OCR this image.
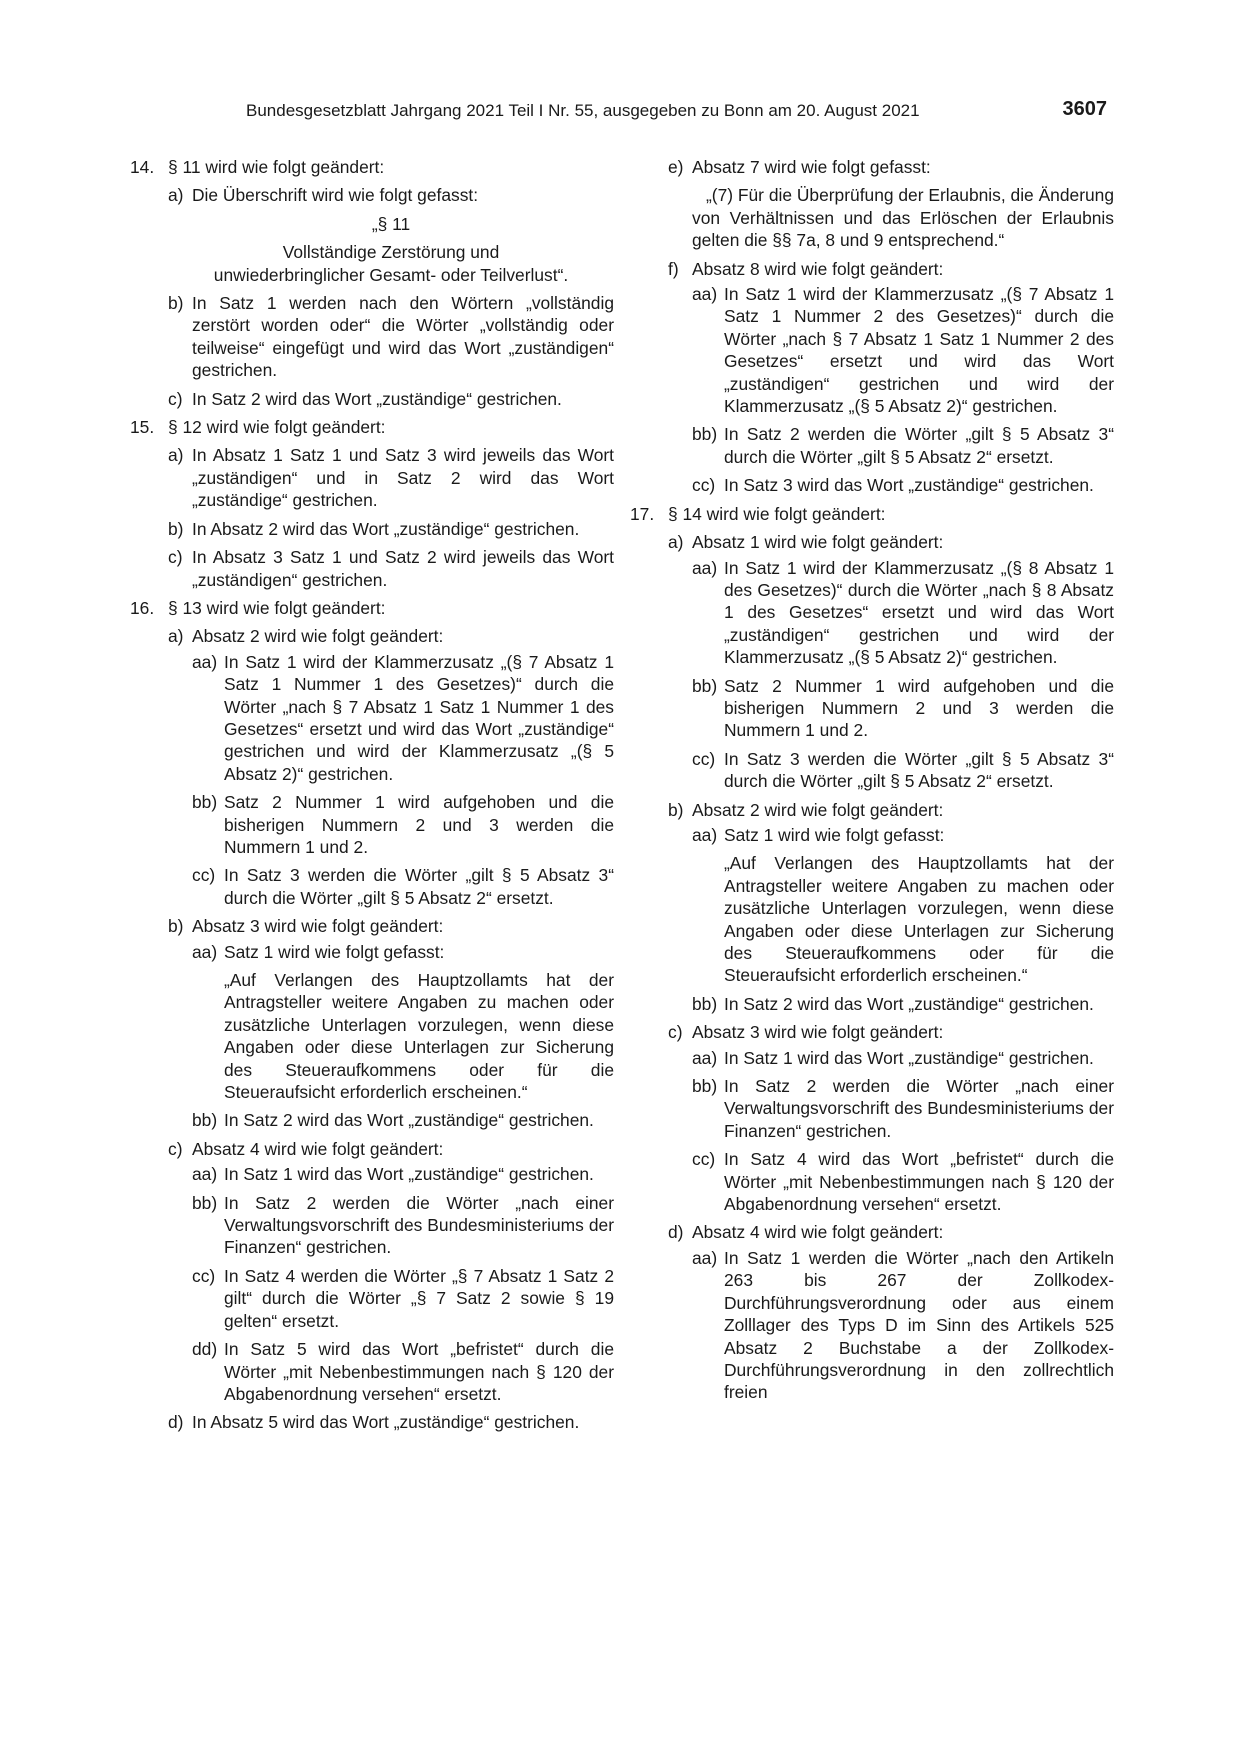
Bundesgesetzblatt Jahrgang 2021 Teil I Nr. 55, ausgegeben zu Bonn am 20. August 2021	3607
14. § 11 wird wie folgt geändert:
a) Die Überschrift wird wie folgt gefasst:
„§ 11
Vollständige Zerstörung und
unwiederbringlicher Gesamt- oder Teilverlust“.
b) In Satz 1 werden nach den Wörtern „vollständig zerstört worden oder“ die Wörter „vollständig oder teilweise“ eingefügt und wird das Wort „zuständigen“ gestrichen.
c) In Satz 2 wird das Wort „zuständige“ gestrichen.
15. § 12 wird wie folgt geändert:
a) In Absatz 1 Satz 1 und Satz 3 wird jeweils das Wort „zuständigen“ und in Satz 2 wird das Wort „zuständige“ gestrichen.
b) In Absatz 2 wird das Wort „zuständige“ gestrichen.
c) In Absatz 3 Satz 1 und Satz 2 wird jeweils das Wort „zuständigen“ gestrichen.
16. § 13 wird wie folgt geändert:
a) Absatz 2 wird wie folgt geändert:
aa) In Satz 1 wird der Klammerzusatz „(§ 7 Absatz 1 Satz 1 Nummer 1 des Gesetzes)“ durch die Wörter „nach § 7 Absatz 1 Satz 1 Nummer 1 des Gesetzes“ ersetzt und wird das Wort „zuständige“ gestrichen und wird der Klammerzusatz „(§ 5 Absatz 2)“ gestrichen.
bb) Satz 2 Nummer 1 wird aufgehoben und die bisherigen Nummern 2 und 3 werden die Nummern 1 und 2.
cc) In Satz 3 werden die Wörter „gilt § 5 Absatz 3“ durch die Wörter „gilt § 5 Absatz 2“ ersetzt.
b) Absatz 3 wird wie folgt geändert:
aa) Satz 1 wird wie folgt gefasst:
„Auf Verlangen des Hauptzollamts hat der Antragsteller weitere Angaben zu machen oder zusätzliche Unterlagen vorzulegen, wenn diese Angaben oder diese Unterlagen zur Sicherung des Steueraufkommens oder für die Steueraufsicht erforderlich erscheinen.“
bb) In Satz 2 wird das Wort „zuständige“ gestrichen.
c) Absatz 4 wird wie folgt geändert:
aa) In Satz 1 wird das Wort „zuständige“ gestrichen.
bb) In Satz 2 werden die Wörter „nach einer Verwaltungsvorschrift des Bundesministeriums der Finanzen“ gestrichen.
cc) In Satz 4 werden die Wörter „§ 7 Absatz 1 Satz 2 gilt“ durch die Wörter „§ 7 Satz 2 sowie § 19 gelten“ ersetzt.
dd) In Satz 5 wird das Wort „befristet“ durch die Wörter „mit Nebenbestimmungen nach § 120 der Abgabenordnung versehen“ ersetzt.
d) In Absatz 5 wird das Wort „zuständige“ gestrichen.
e) Absatz 7 wird wie folgt gefasst:
„(7) Für die Überprüfung der Erlaubnis, die Änderung von Verhältnissen und das Erlöschen der Erlaubnis gelten die §§ 7a, 8 und 9 entsprechend.“
f) Absatz 8 wird wie folgt geändert:
aa) In Satz 1 wird der Klammerzusatz „(§ 7 Absatz 1 Satz 1 Nummer 2 des Gesetzes)“ durch die Wörter „nach § 7 Absatz 1 Satz 1 Nummer 2 des Gesetzes“ ersetzt und wird das Wort „zuständigen“ gestrichen und wird der Klammerzusatz „(§ 5 Absatz 2)“ gestrichen.
bb) In Satz 2 werden die Wörter „gilt § 5 Absatz 3“ durch die Wörter „gilt § 5 Absatz 2“ ersetzt.
cc) In Satz 3 wird das Wort „zuständige“ gestrichen.
17. § 14 wird wie folgt geändert:
a) Absatz 1 wird wie folgt geändert:
aa) In Satz 1 wird der Klammerzusatz „(§ 8 Absatz 1 des Gesetzes)“ durch die Wörter „nach § 8 Absatz 1 des Gesetzes“ ersetzt und wird das Wort „zuständigen“ gestrichen und wird der Klammerzusatz „(§ 5 Absatz 2)“ gestrichen.
bb) Satz 2 Nummer 1 wird aufgehoben und die bisherigen Nummern 2 und 3 werden die Nummern 1 und 2.
cc) In Satz 3 werden die Wörter „gilt § 5 Absatz 3“ durch die Wörter „gilt § 5 Absatz 2“ ersetzt.
b) Absatz 2 wird wie folgt geändert:
aa) Satz 1 wird wie folgt gefasst:
„Auf Verlangen des Hauptzollamts hat der Antragsteller weitere Angaben zu machen oder zusätzliche Unterlagen vorzulegen, wenn diese Angaben oder diese Unterlagen zur Sicherung des Steueraufkommens oder für die Steueraufsicht erforderlich erscheinen.“
bb) In Satz 2 wird das Wort „zuständige“ gestrichen.
c) Absatz 3 wird wie folgt geändert:
aa) In Satz 1 wird das Wort „zuständige“ gestrichen.
bb) In Satz 2 werden die Wörter „nach einer Verwaltungsvorschrift des Bundesministeriums der Finanzen“ gestrichen.
cc) In Satz 4 wird das Wort „befristet“ durch die Wörter „mit Nebenbestimmungen nach § 120 der Abgabenordnung versehen“ ersetzt.
d) Absatz 4 wird wie folgt geändert:
aa) In Satz 1 werden die Wörter „nach den Artikeln 263 bis 267 der Zollkodex-Durchführungsverordnung oder aus einem Zolllager des Typs D im Sinn des Artikels 525 Absatz 2 Buchstabe a der Zollkodex-Durchführungsverordnung in den zollrechtlich freien
